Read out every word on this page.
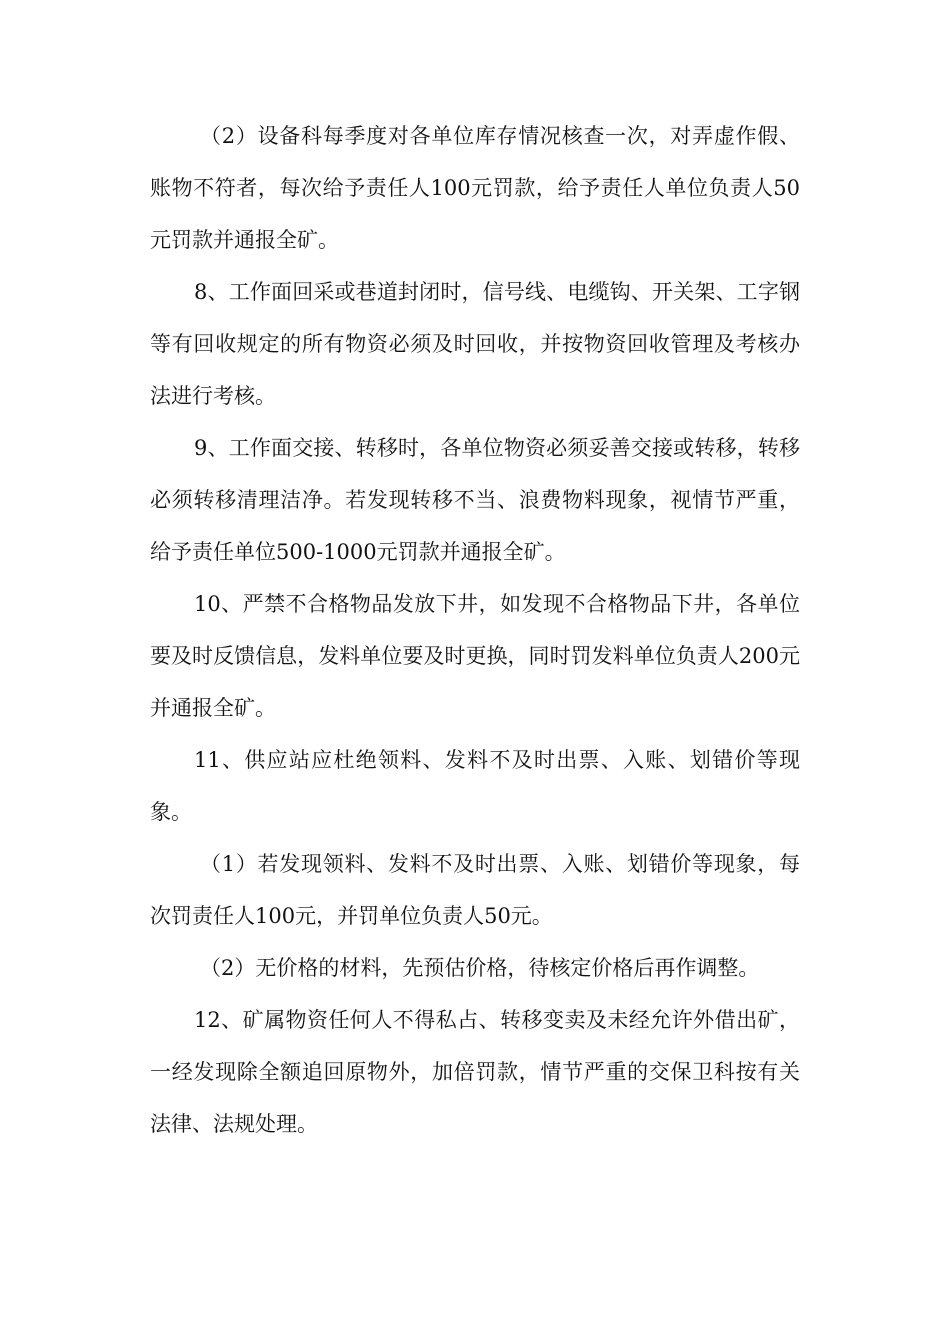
（2）设备科每季度对各单位库存情况核查一次，对弄虚作假、账物不符者，每次给予责任人100元罚款，给予责任人单位负责人50元罚款并通报全矿。

8、工作面回采或巷道封闭时，信号线、电缆钩、开关架、工字钢等有回收规定的所有物资必须及时回收，并按物资回收管理及考核办法进行考核。

9、工作面交接、转移时，各单位物资必须妥善交接或转移，转移必须转移清理洁净。若发现转移不当、浪费物料现象，视情节严重，给予责任单位500-1000元罚款并通报全矿。

10、严禁不合格物品发放下井，如发现不合格物品下井，各单位要及时反馈信息，发料单位要及时更换，同时罚发料单位负责人200元并通报全矿。

11、供应站应杜绝领料、发料不及时出票、入账、划错价等现象。

（1）若发现领料、发料不及时出票、入账、划错价等现象，每次罚责任人100元，并罚单位负责人50元。

（2）无价格的材料，先预估价格，待核定价格后再作调整。

12、矿属物资任何人不得私占、转移变卖及未经允许外借出矿，一经发现除全额追回原物外，加倍罚款，情节严重的交保卫科按有关法律、法规处理。
